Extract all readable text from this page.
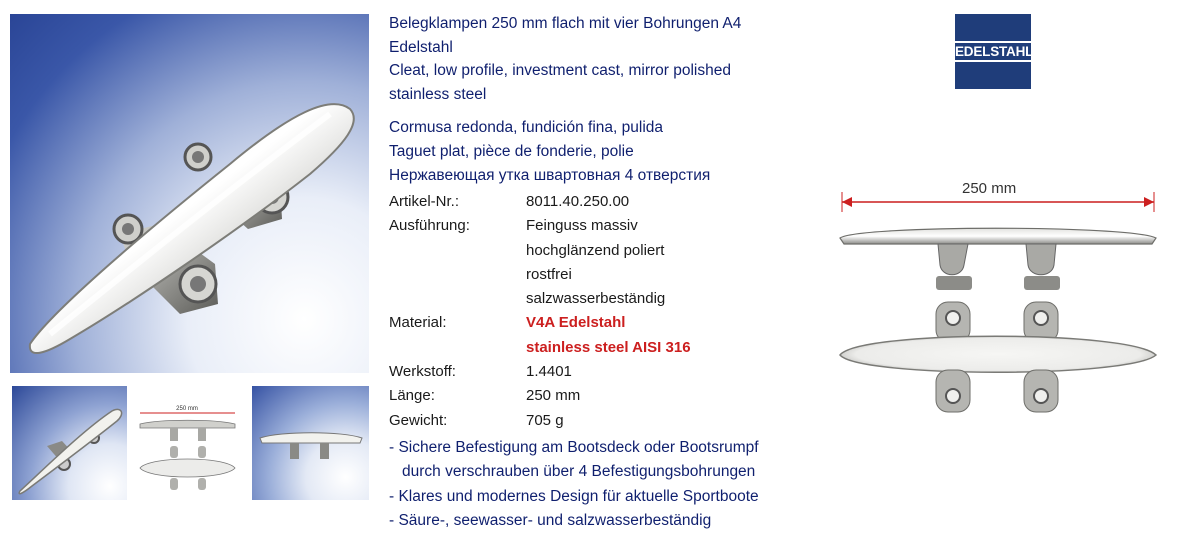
250 mm
Belegklampen 250 mm flach mit vier Bohrungen A4
Edelstahl
Cleat, low profile, investment cast, mirror polished
stainless steel
Cormusa redonda, fundición fina, pulida
Taguet plat, pièce de fonderie, polie
Нержавеющая утка швартовная 4 отверстия
Artikel-Nr.:	8011.40.250.00
Ausführung:	Feinguss massiv
hochglänzend poliert
rostfrei
salzwasserbeständig
Material:	V4A Edelstahl
stainless steel AISI 316
Werkstoff:	1.4401
Länge:	250 mm
Gewicht:	705 g
- Sichere Befestigung am Bootsdeck oder Bootsrumpf
durch verschrauben über 4 Befestigungsbohrungen
- Klares und modernes Design für aktuelle Sportboote
- Säure-, seewasser- und salzwasserbeständig
EDELSTAHL
250 mm
